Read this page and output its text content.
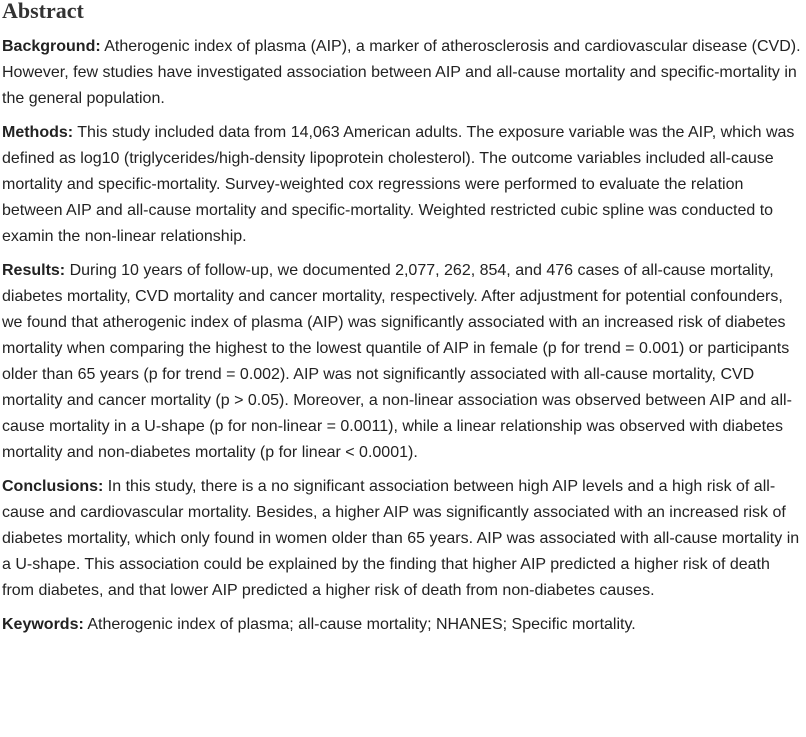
Abstract

Background: Atherogenic index of plasma (AIP), a marker of atherosclerosis and cardiovascular disease (CVD). However, few studies have investigated association between AIP and all-cause mortality and specific-mortality in the general population.

Methods: This study included data from 14,063 American adults. The exposure variable was the AIP, which was defined as log10 (triglycerides/high-density lipoprotein cholesterol). The outcome variables included all-cause mortality and specific-mortality. Survey-weighted cox regressions were performed to evaluate the relation between AIP and all-cause mortality and specific-mortality. Weighted restricted cubic spline was conducted to examin the non-linear relationship.

Results: During 10 years of follow-up, we documented 2,077, 262, 854, and 476 cases of all-cause mortality, diabetes mortality, CVD mortality and cancer mortality, respectively. After adjustment for potential confounders, we found that atherogenic index of plasma (AIP) was significantly associated with an increased risk of diabetes mortality when comparing the highest to the lowest quantile of AIP in female (p for trend = 0.001) or participants older than 65 years (p for trend = 0.002). AIP was not significantly associated with all-cause mortality, CVD mortality and cancer mortality (p > 0.05). Moreover, a non-linear association was observed between AIP and all-cause mortality in a U-shape (p for non-linear = 0.0011), while a linear relationship was observed with diabetes mortality and non-diabetes mortality (p for linear < 0.0001).

Conclusions: In this study, there is a no significant association between high AIP levels and a high risk of all-cause and cardiovascular mortality. Besides, a higher AIP was significantly associated with an increased risk of diabetes mortality, which only found in women older than 65 years. AIP was associated with all-cause mortality in a U-shape. This association could be explained by the finding that higher AIP predicted a higher risk of death from diabetes, and that lower AIP predicted a higher risk of death from non-diabetes causes.

Keywords: Atherogenic index of plasma; all-cause mortality; NHANES; Specific mortality.
